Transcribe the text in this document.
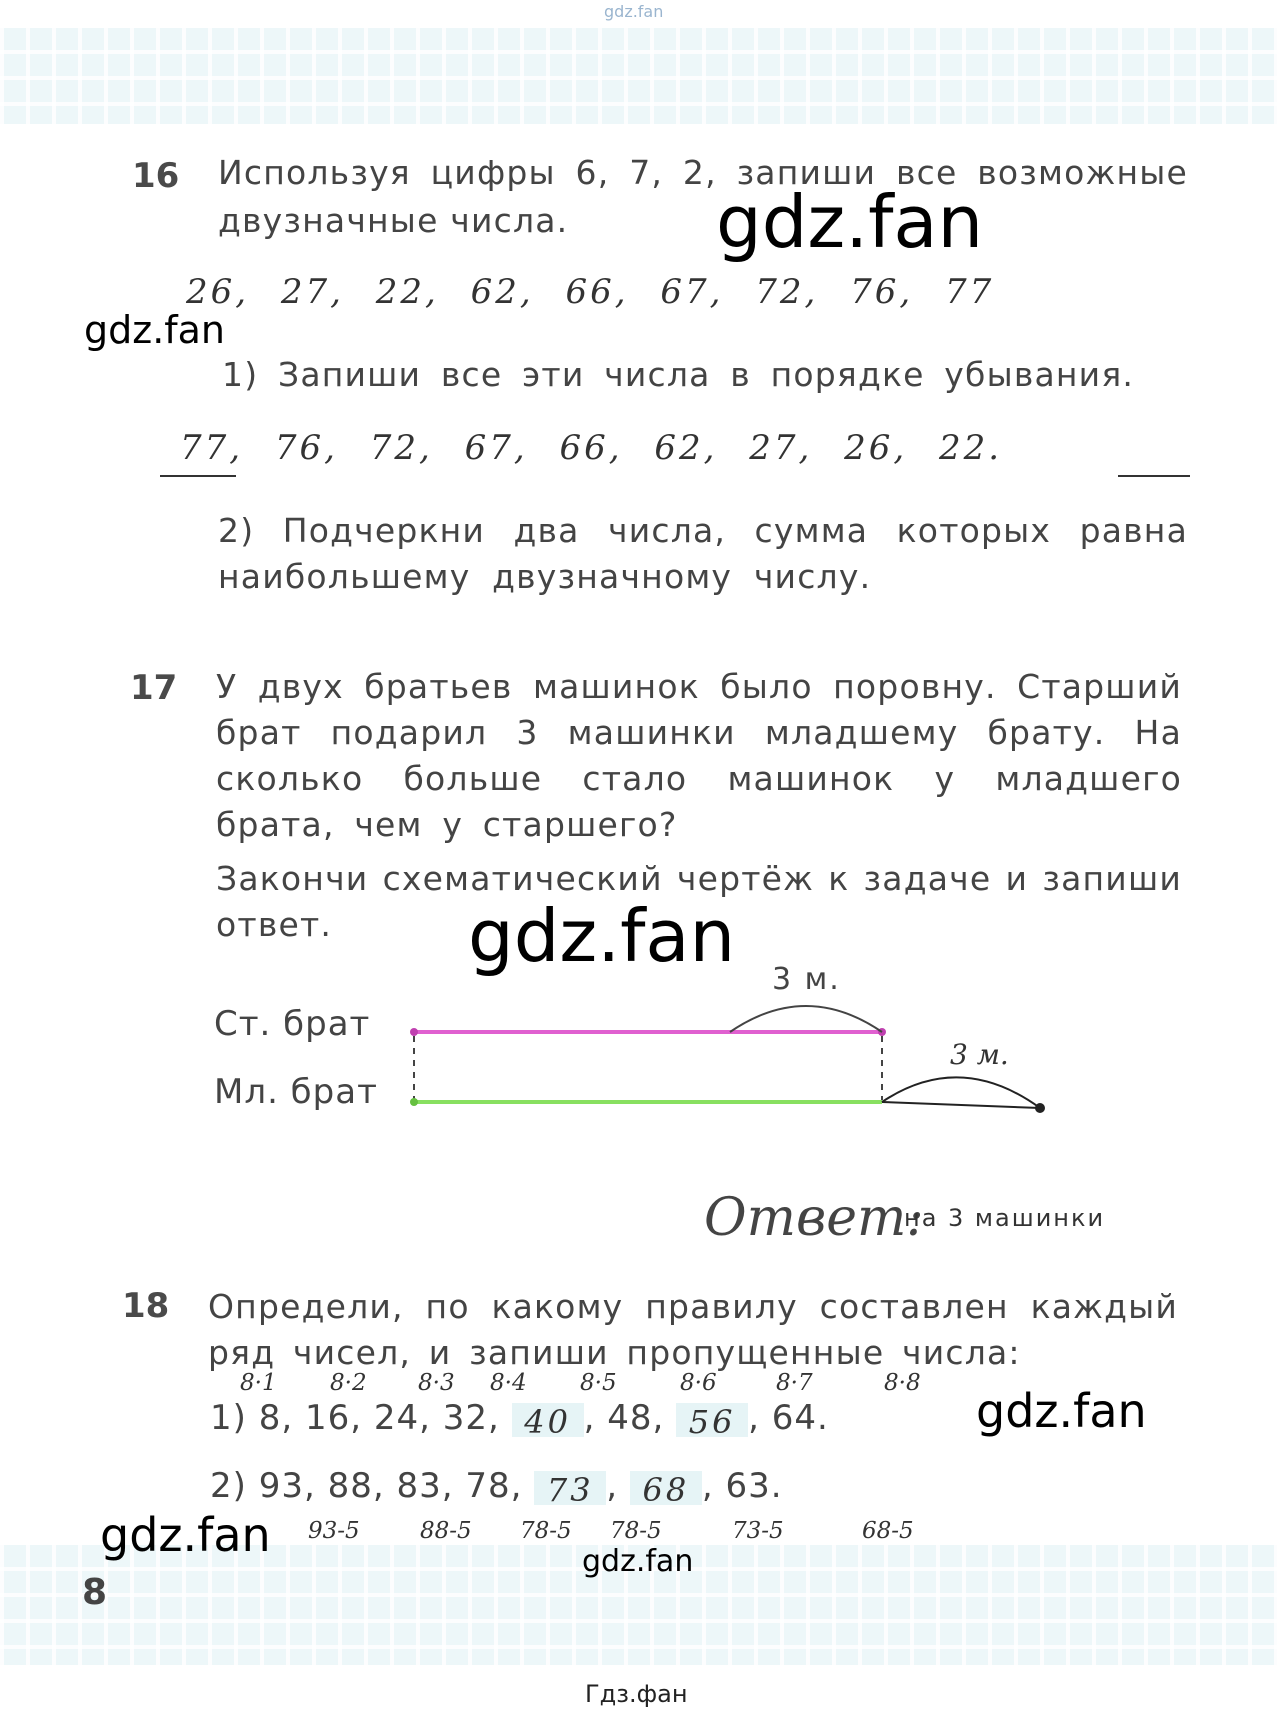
gdz.fan
16 Используя цифры 6, 7, 2, запиши все возможные
двузначные числа.
26, 27, 22, 62, 66, 67, 72, 76, 77
1) Запиши все эти числа в порядке убывания.
77, 76, 72, 67, 66, 62, 27, 26, 22.
2) Подчеркни два числа, сумма которых равна
наибольшему двузначному числу.
17 У двух братьев машинок было поровну. Старший
брат подарил 3 машинки младшему брату. На
сколько больше стало машинок у младшего
брата, чем у старшего?
Закончи схематический чертёж к задаче и запиши
ответ.
Ст. брат
Мл. брат
3 м.
3 м.
Ответ:
на 3 машинки
18 Определи, по какому правилу составлен каждый
ряд чисел, и запиши пропущенные числа:
8·1 8·2 8·3 8·4 8·5	8·6	8·7	8·8
1) 8, 16, 24, 32, 40 , 48, 56 , 64.
2) 93, 88, 83, 78, 73 , 68 , 63.
93-5	88-5 78-5 78-5	73-5	68-5
8
gdz.fan
gdz.fan
gdz.fan
gdz.fan
gdz.fan	gdz.fan
Гдз.фан
